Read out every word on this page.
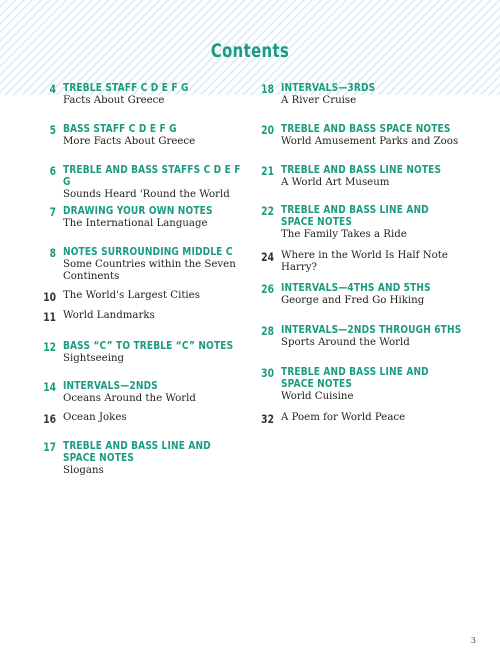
Contents
4 TREBLE STAFF C D E F G
Facts About Greece
5 BASS STAFF C D E F G
More Facts About Greece
6 TREBLE AND BASS STAFFS C D E F G
Sounds Heard 'Round the World
7 DRAWING YOUR OWN NOTES
The International Language
8 NOTES SURROUNDING MIDDLE C
Some Countries within the Seven Continents
10 The World's Largest Cities
11 World Landmarks
12 BASS “C” TO TREBLE “C” NOTES
Sightseeing
14 INTERVALS—2NDS
Oceans Around the World
16 Ocean Jokes
17 TREBLE AND BASS LINE AND
SPACE NOTES
Slogans
18 INTERVALS—3RDS
A River Cruise
20 TREBLE AND BASS SPACE NOTES
World Amusement Parks and Zoos
21 TREBLE AND BASS LINE NOTES
A World Art Museum
22 TREBLE AND BASS LINE AND
SPACE NOTES
The Family Takes a Ride
24 Where in the World Is Half Note Harry?
26 INTERVALS—4THS AND 5THS
George and Fred Go Hiking
28 INTERVALS—2NDS THROUGH 6THS
Sports Around the World
30 TREBLE AND BASS LINE AND
SPACE NOTES
World Cuisine
32 A Poem for World Peace
3
